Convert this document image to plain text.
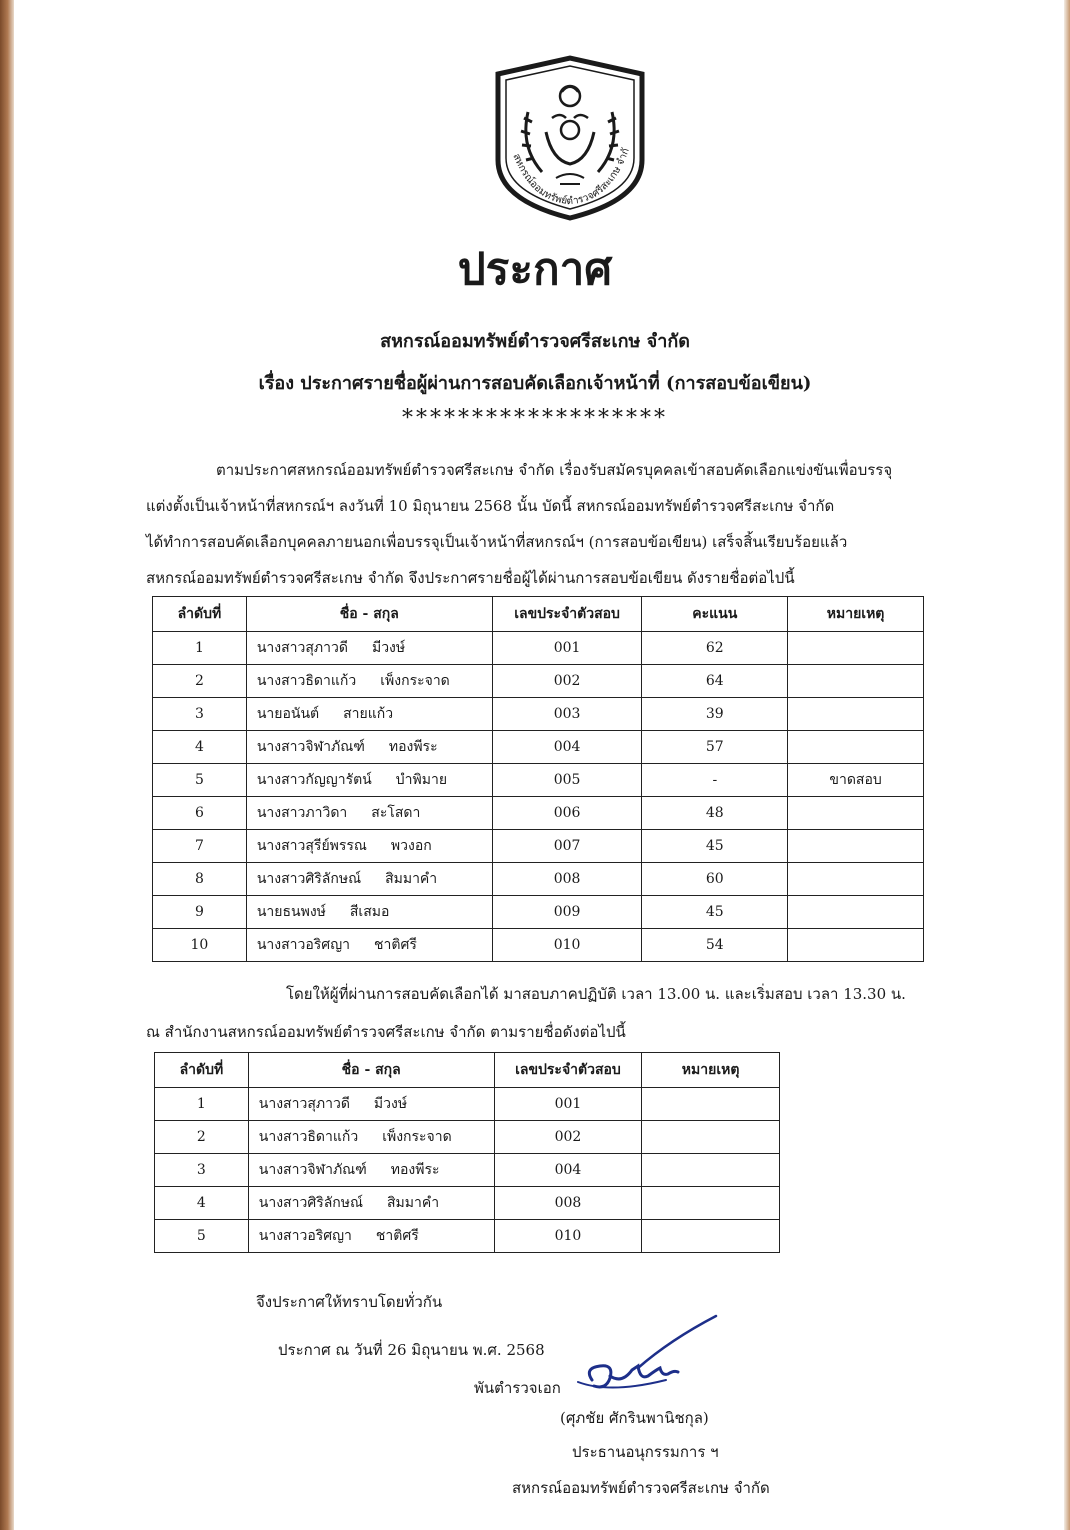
สหกรณ์ออมทรัพย์ตำรวจศรีสะเกษ จำกั
ประกาศ
สหกรณ์ออมทรัพย์ตำรวจศรีสะเกษ จำกัด
เรื่อง ประกาศรายชื่อผู้ผ่านการสอบคัดเลือกเจ้าหน้าที่ (การสอบข้อเขียน)
*******************
ตามประกาศสหกรณ์ออมทรัพย์ตำรวจศรีสะเกษ จำกัด เรื่องรับสมัครบุคคลเข้าสอบคัดเลือกแข่งขันเพื่อบรรจุ
แต่งตั้งเป็นเจ้าหน้าที่สหกรณ์ฯ ลงวันที่ 10 มิถุนายน 2568 นั้น บัดนี้ สหกรณ์ออมทรัพย์ตำรวจศรีสะเกษ จำกัด
ได้ทำการสอบคัดเลือกบุคคลภายนอกเพื่อบรรจุเป็นเจ้าหน้าที่สหกรณ์ฯ (การสอบข้อเขียน) เสร็จสิ้นเรียบร้อยแล้ว
สหกรณ์ออมทรัพย์ตำรวจศรีสะเกษ จำกัด จึงประกาศรายชื่อผู้ได้ผ่านการสอบข้อเขียน ดังรายชื่อต่อไปนี้
ลำดับที่	ชื่อ - สกุล	เลขประจำตัวสอบ	คะแนน	หมายเหตุ
1	นางสาวสุภาวดี มีวงษ์	001	62	
2	นางสาวธิดาแก้ว เพ็งกระจาด	002	64	
3	นายอนันต์ สายแก้ว	003	39	
4	นางสาวจิฬาภัณฑ์ ทองพีระ	004	57	
5	นางสาวกัญญารัตน์ บำพิมาย	005	-	ขาดสอบ
6	นางสาวภาวิดา สะโสดา	006	48	
7	นางสาวสุรีย์พรรณ พวงอก	007	45	
8	นางสาวศิริลักษณ์ สิมมาคำ	008	60	
9	นายธนพงษ์ สีเสมอ	009	45	
10	นางสาวอริศญา ชาติศรี	010	54	
โดยให้ผู้ที่ผ่านการสอบคัดเลือกได้ มาสอบภาคปฏิบัติ เวลา 13.00 น. และเริ่มสอบ เวลา 13.30 น.
ณ สำนักงานสหกรณ์ออมทรัพย์ตำรวจศรีสะเกษ จำกัด ตามรายชื่อดังต่อไปนี้
ลำดับที่	ชื่อ - สกุล	เลขประจำตัวสอบ	หมายเหตุ
1	นางสาวสุภาวดี มีวงษ์	001	
2	นางสาวธิดาแก้ว เพ็งกระจาด	002	
3	นางสาวจิฬาภัณฑ์ ทองพีระ	004	
4	นางสาวศิริลักษณ์ สิมมาคำ	008	
5	นางสาวอริศญา ชาติศรี	010	
จึงประกาศให้ทราบโดยทั่วกัน
ประกาศ ณ วันที่ 26 มิถุนายน พ.ศ. 2568
พันตำรวจเอก
(ศุภชัย ศักรินพานิชกุล)
ประธานอนุกรรมการ ฯ
สหกรณ์ออมทรัพย์ตำรวจศรีสะเกษ จำกัด
